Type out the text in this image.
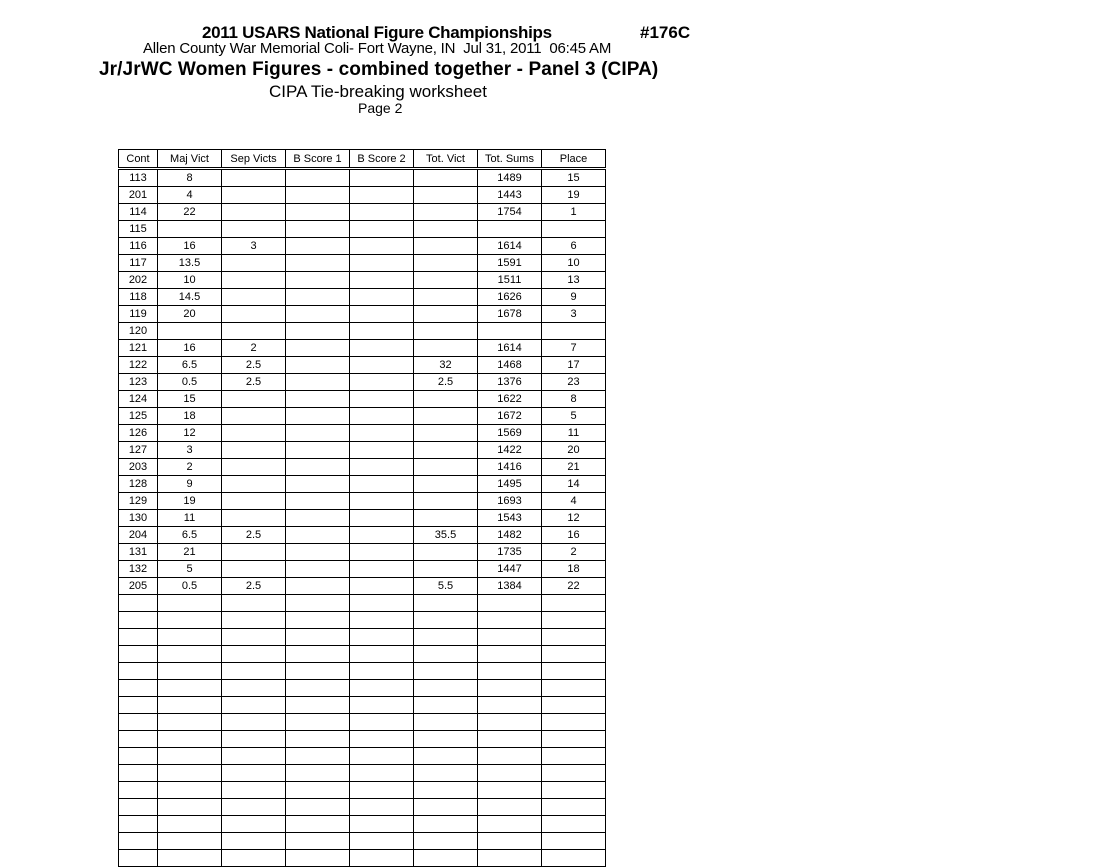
2011 USARS National Figure Championships	#176C
Allen County War Memorial Coli- Fort Wayne, IN  Jul 31, 2011  06:45 AM
Jr/JrWC Women Figures - combined together - Panel 3 (CIPA)
CIPA Tie-breaking worksheet
Page 2
Cont	Maj Vict	Sep Victs	B Score 1	B Score 2	Tot. Vict	Tot. Sums	Place
113	8					1489	15
201	4					1443	19
114	22					1754	1
115							
116	16	3				1614	6
117	13.5					1591	10
202	10					1511	13
118	14.5					1626	9
119	20					1678	3
120							
121	16	2				1614	7
122	6.5	2.5			32	1468	17
123	0.5	2.5			2.5	1376	23
124	15					1622	8
125	18					1672	5
126	12					1569	11
127	3					1422	20
203	2					1416	21
128	9					1495	14
129	19					1693	4
130	11					1543	12
204	6.5	2.5			35.5	1482	16
131	21					1735	2
132	5					1447	18
205	0.5	2.5			5.5	1384	22
